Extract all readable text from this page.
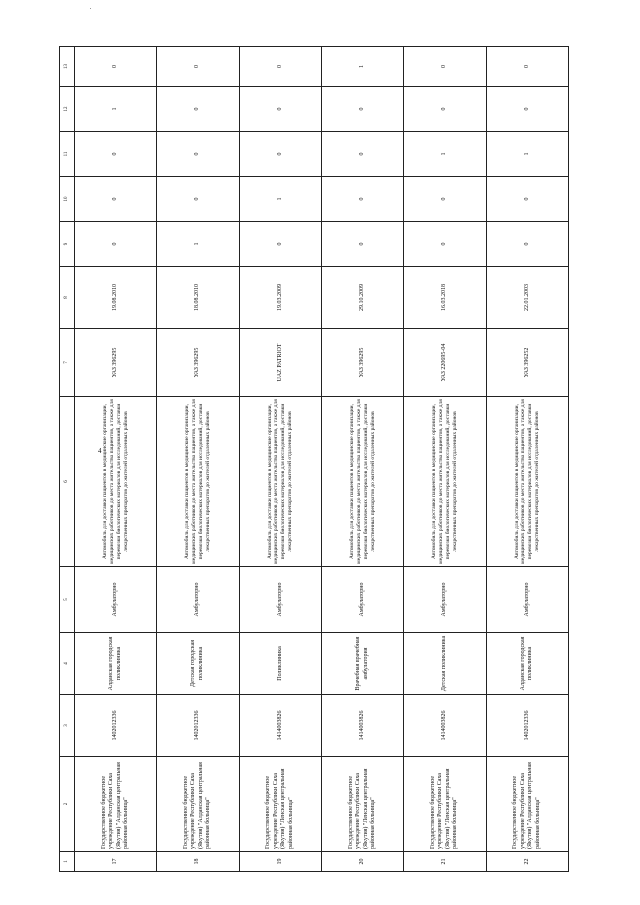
4
1	2	3	4	5	6	7	8	9	10	11	12	13
17	Государственное бюджетное учреждение Республики Саха (Якутия) "Алданская центральная районная больница"	1402012336	Алданская городская поликлиника	Амбулаторно	Автомобиль для доставки пациентов в медицинские организации, медицинских работников до места жительства пациентов, а также для перевозки биологических материалов для исследований, доставки лекарственных препаратов до жителей отдаленных районов	УАЗ 396295	19.08.2010	0	0	0	1	0
18	Государственное бюджетное учреждение Республики Саха (Якутия) "Алданская центральная районная больница"	1402012336	Детская городская поликлиника	Амбулаторно	Автомобиль для доставки пациентов в медицинские организации, медицинских работников до места жительства пациентов, а также для перевозки биологических материалов для исследований, доставки лекарственных препаратов до жителей отдаленных районов	УАЗ 396295	18.08.2010	1	0	0	0	0
19	Государственное бюджетное учреждение Республики Саха (Якутия) "Ленская центральная районная больница"	1414003826	Поликлиника	Амбулаторно	Автомобиль для доставки пациентов в медицинские организации, медицинских работников до места жительства пациентов, а также для перевозки биологических материалов для исследований, доставки лекарственных препаратов до жителей отдаленных районов	UAZ PATRIOT	19.03.2009	0	1	0	0	0
20	Государственное бюджетное учреждение Республики Саха (Якутия) "Ленская центральная районная больница"	1414003826	Врачебная врачебная амбулатория	Амбулаторно	Автомобиль для доставки пациентов в медицинские организации, медицинских работников до места жительства пациентов, а также для перевозки биологических материалов для исследований, доставки лекарственных препаратов до жителей отдаленных районов	УАЗ 396295	29.10.2009	0	0	0	0	1
21	Государственное бюджетное учреждение Республики Саха (Якутия) "Ленская центральная районная больница"	1414003826	Детская поликлиника	Амбулаторно	Автомобиль для доставки пациентов в медицинские организации, медицинских работников до места жительства пациентов, а также для перевозки биологических материалов для исследований, доставки лекарственных препаратов до жителей отдаленных районов	УАЗ 220695-04	16.03.2018	0	0	1	0	0
22	Государственное бюджетное учреждение Республики Саха (Якутия) "Алданская центральная районная больница"	1402012336	Алданская городская поликлиника	Амбулаторно	Автомобиль для доставки пациентов в медицинские организации, медицинских работников до места жительства пациентов, а также для перевозки биологических материалов для исследований, доставки лекарственных препаратов до жителей отдаленных районов	УАЗ 396252	22.01.2003	0	0	1	0	0
